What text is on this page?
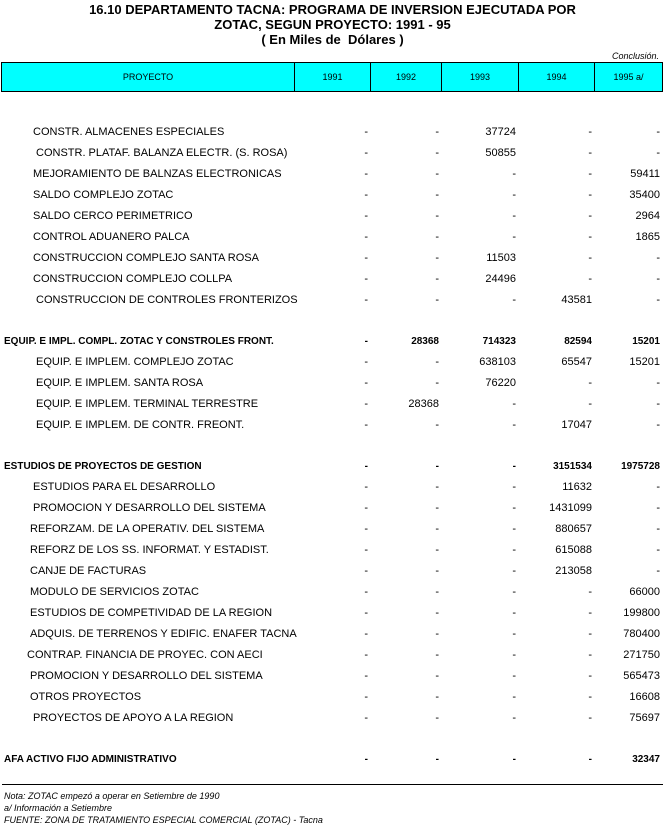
16.10 DEPARTAMENTO TACNA: PROGRAMA DE INVERSION EJECUTADA POR
ZOTAC, SEGUN PROYECTO: 1991 - 95
( En Miles de  Dólares )
Conclusión.
PROYECTO	1991	1992	1993	1994	1995 a/
CONSTR. ALMACENES ESPECIALES	-	-	37724	-	-
CONSTR. PLATAF. BALANZA ELECTR. (S. ROSA)	-	-	50855	-	-
MEJORAMIENTO DE BALNZAS ELECTRONICAS	-	-	-	-	59411
SALDO COMPLEJO ZOTAC	-	-	-	-	35400
SALDO CERCO PERIMETRICO	-	-	-	-	2964
CONTROL ADUANERO PALCA	-	-	-	-	1865
CONSTRUCCION COMPLEJO SANTA ROSA	-	-	11503	-	-
CONSTRUCCION COMPLEJO COLLPA	-	-	24496	-	-
CONSTRUCCION DE CONTROLES FRONTERIZOS	-	-	-	43581	-
EQUIP. E IMPL. COMPL. ZOTAC Y CONSTROLES FRONT.	-	28368	714323	82594	15201
EQUIP. E IMPLEM. COMPLEJO ZOTAC	-	-	638103	65547	15201
EQUIP. E IMPLEM. SANTA ROSA	-	-	76220	-	-
EQUIP. E IMPLEM. TERMINAL TERRESTRE	-	28368	-	-	-
EQUIP. E IMPLEM. DE CONTR. FREONT.	-	-	-	17047	-
ESTUDIOS DE PROYECTOS DE GESTION	-	-	-	3151534	1975728
ESTUDIOS PARA EL DESARROLLO	-	-	-	11632	-
PROMOCION Y DESARROLLO DEL SISTEMA	-	-	-	1431099	-
REFORZAM. DE LA OPERATIV. DEL SISTEMA	-	-	-	880657	-
REFORZ DE LOS SS. INFORMAT. Y ESTADIST.	-	-	-	615088	-
CANJE DE FACTURAS	-	-	-	213058	-
MODULO DE SERVICIOS ZOTAC	-	-	-	-	66000
ESTUDIOS DE COMPETIVIDAD DE LA REGION	-	-	-	-	199800
ADQUIS. DE TERRENOS Y EDIFIC. ENAFER TACNA	-	-	-	-	780400
CONTRAP. FINANCIA DE PROYEC. CON AECI	-	-	-	-	271750
PROMOCION Y DESARROLLO DEL SISTEMA	-	-	-	-	565473
OTROS PROYECTOS	-	-	-	-	16608
PROYECTOS DE APOYO A LA REGION	-	-	-	-	75697
AFA ACTIVO FIJO ADMINISTRATIVO	-	-	-	-	32347
Nota: ZOTAC empezó a operar en Setiembre de 1990
a/ Información a Setiembre
FUENTE: ZONA DE TRATAMIENTO ESPECIAL COMERCIAL (ZOTAC) - Tacna
